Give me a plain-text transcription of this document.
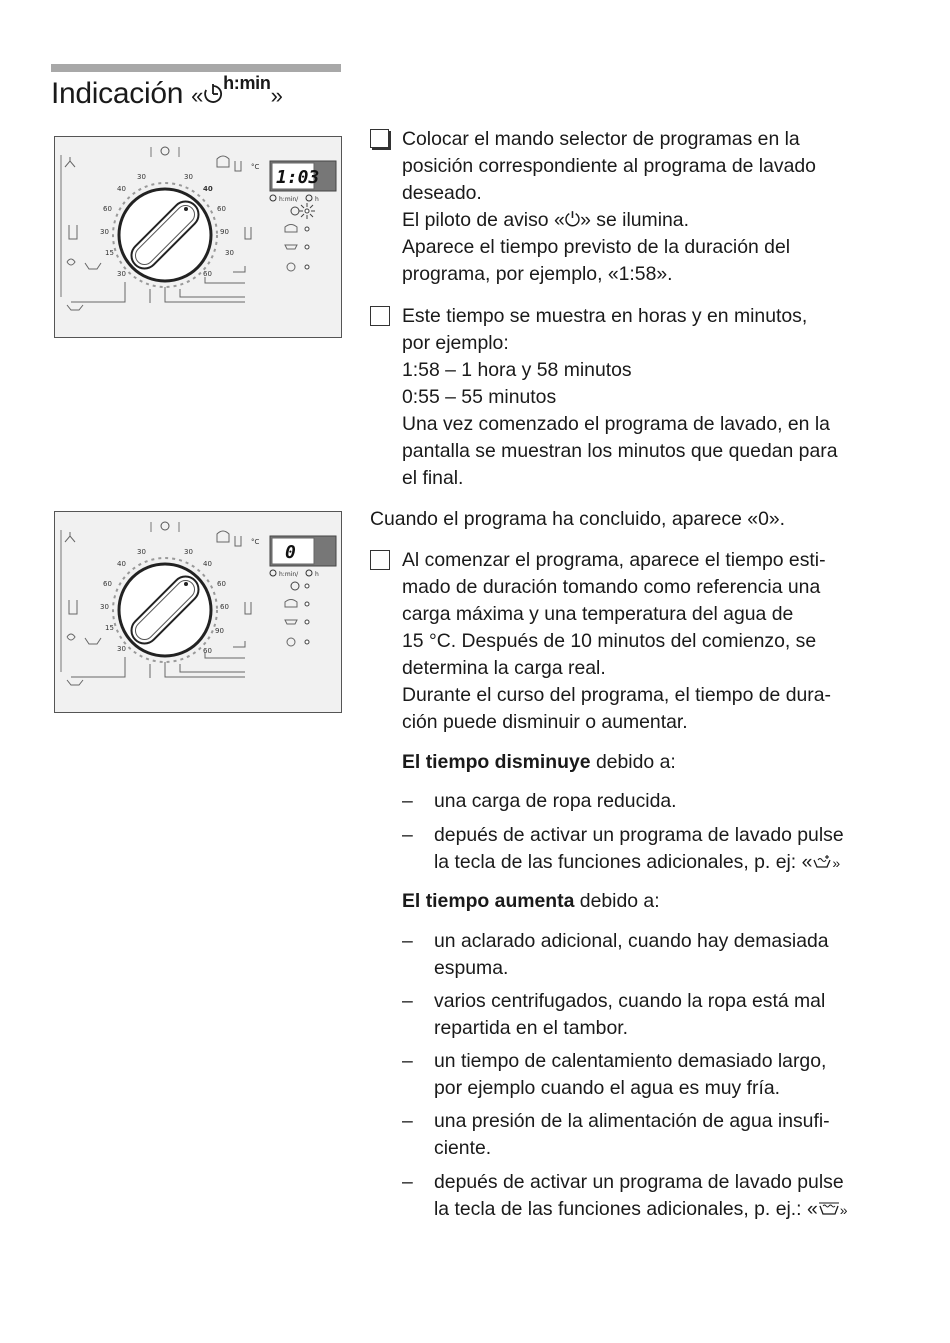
Indicación « $^{h:min}$»
30
40
60
30
15
30
30
40
60
90
60
30
°C 1:03
h:min/	h
30
40
60
30
15
30
30
40
60
60
90
60
°C 0
h:min/	h

Colocar el mando selector de programas en la

posición correspondiente al programa de lavado

deseado.

El piloto de aviso «⏻» se ilumina.

Aparece el tiempo previsto de la duración del

programa, por ejemplo, «1:58».

Este tiempo se muestra en horas y en minutos,

por ejemplo:

1:58 – 1 hora y 58 minutos

0:55 – 55 minutos

Una vez comenzado el programa de lavado, en la

pantalla se muestran los minutos que quedan para

el final.

Cuando el programa ha concluido, aparece «0».

Al comenzar el programa, aparece el tiempo esti-

mado de duración tomando como referencia una

carga máxima y una temperatura del agua de

15 °C. Después de 10 minutos del comienzo, se

determina la carga real.

Durante el curso del programa, el tiempo de dura-

ción puede disminuir o aumentar.

El tiempo disminuye debido a:

– una carga de ropa reducida.
– depués de activar un programa de lavado pulse
la tecla de las funciones adicionales, p. ej: « »

El tiempo aumenta debido a:

– un aclarado adicional, cuando hay demasiada
espuma.
– varios centrifugados, cuando la ropa está mal
repartida en el tambor.
– un tiempo de calentamiento demasiado largo,
por ejemplo cuando el agua es muy fría.
– una presión de la alimentación de agua insufi-
ciente.
– depués de activar un programa de lavado pulse
la tecla de las funciones adicionales, p. ej.: « »
